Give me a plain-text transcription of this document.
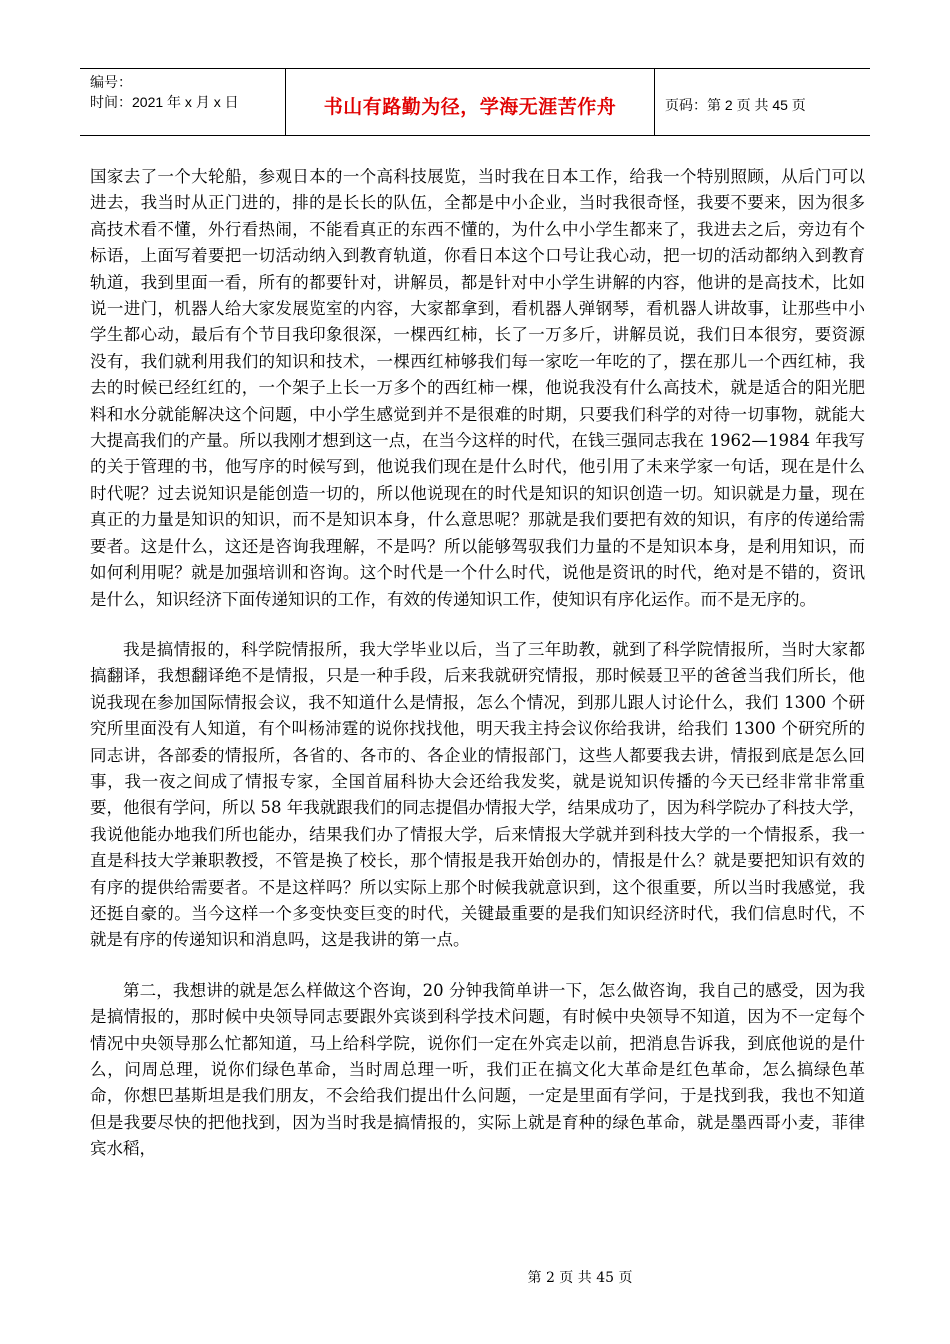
编号：
时间：2021 年 x 月 x 日	书山有路勤为径，学海无涯苦作舟	页码：第 2 页 共 45 页

国家去了一个大轮船，参观日本的一个高科技展览，当时我在日本工作，给我一个特别照顾，从后门可以进去，我当时从正门进的，排的是长长的队伍，全都是中小企业，当时我很奇怪，我要不要来，因为很多高技术看不懂，外行看热闹，不能看真正的东西不懂的，为什么中小学生都来了，我进去之后，旁边有个标语，上面写着要把一切活动纳入到教育轨道，你看日本这个口号让我心动，把一切的活动都纳入到教育轨道，我到里面一看，所有的都要针对，讲解员，都是针对中小学生讲解的内容，他讲的是高技术，比如说一进门，机器人给大家发展览室的内容，大家都拿到，看机器人弹钢琴，看机器人讲故事，让那些中小学生都心动，最后有个节目我印象很深，一棵西红柿，长了一万多斤，讲解员说，我们日本很穷，要资源没有，我们就利用我们的知识和技术，一棵西红柿够我们每一家吃一年吃的了，摆在那儿一个西红柿，我去的时候已经红红的，一个架子上长一万多个的西红柿一棵，他说我没有什么高技术，就是适合的阳光肥料和水分就能解决这个问题，中小学生感觉到并不是很难的时期，只要我们科学的对待一切事物，就能大大提高我们的产量。所以我刚才想到这一点，在当今这样的时代，在钱三强同志我在 1962—1984 年我写的关于管理的书，他写序的时候写到，他说我们现在是什么时代，他引用了未来学家一句话，现在是什么时代呢？过去说知识是能创造一切的，所以他说现在的时代是知识的知识创造一切。知识就是力量，现在真正的力量是知识的知识，而不是知识本身，什么意思呢？那就是我们要把有效的知识，有序的传递给需要者。这是什么，这还是咨询我理解，不是吗？所以能够驾驭我们力量的不是知识本身，是利用知识，而如何利用呢？就是加强培训和咨询。这个时代是一个什么时代，说他是资讯的时代，绝对是不错的，资讯是什么，知识经济下面传递知识的工作，有效的传递知识工作，使知识有序化运作。而不是无序的。

我是搞情报的，科学院情报所，我大学毕业以后，当了三年助教，就到了科学院情报所，当时大家都搞翻译，我想翻译绝不是情报，只是一种手段，后来我就研究情报，那时候聂卫平的爸爸当我们所长，他说我现在参加国际情报会议，我不知道什么是情报，怎么个情况，到那儿跟人讨论什么，我们 1300 个研究所里面没有人知道，有个叫杨沛霆的说你找找他，明天我主持会议你给我讲，给我们 1300 个研究所的同志讲，各部委的情报所，各省的、各市的、各企业的情报部门，这些人都要我去讲，情报到底是怎么回事，我一夜之间成了情报专家，全国首届科协大会还给我发奖，就是说知识传播的今天已经非常非常重要，他很有学问，所以 58 年我就跟我们的同志提倡办情报大学，结果成功了，因为科学院办了科技大学，我说他能办地我们所也能办，结果我们办了情报大学，后来情报大学就并到科技大学的一个情报系，我一直是科技大学兼职教授，不管是换了校长，那个情报是我开始创办的，情报是什么？就是要把知识有效的有序的提供给需要者。不是这样吗？所以实际上那个时候我就意识到，这个很重要，所以当时我感觉，我还挺自豪的。当今这样一个多变快变巨变的时代，关键最重要的是我们知识经济时代，我们信息时代，不就是有序的传递知识和消息吗，这是我讲的第一点。

第二，我想讲的就是怎么样做这个咨询，20 分钟我简单讲一下，怎么做咨询，我自己的感受，因为我是搞情报的，那时候中央领导同志要跟外宾谈到科学技术问题，有时候中央领导不知道，因为不一定每个情况中央领导那么忙都知道，马上给科学院，说你们一定在外宾走以前，把消息告诉我，到底他说的是什么，问周总理，说你们绿色革命，当时周总理一听，我们正在搞文化大革命是红色革命，怎么搞绿色革命，你想巴基斯坦是我们朋友，不会给我们提出什么问题，一定是里面有学问，于是找到我，我也不知道但是我要尽快的把他找到，因为当时我是搞情报的，实际上就是育种的绿色革命，就是墨西哥小麦，菲律宾水稻，

第 2 页 共 45 页
